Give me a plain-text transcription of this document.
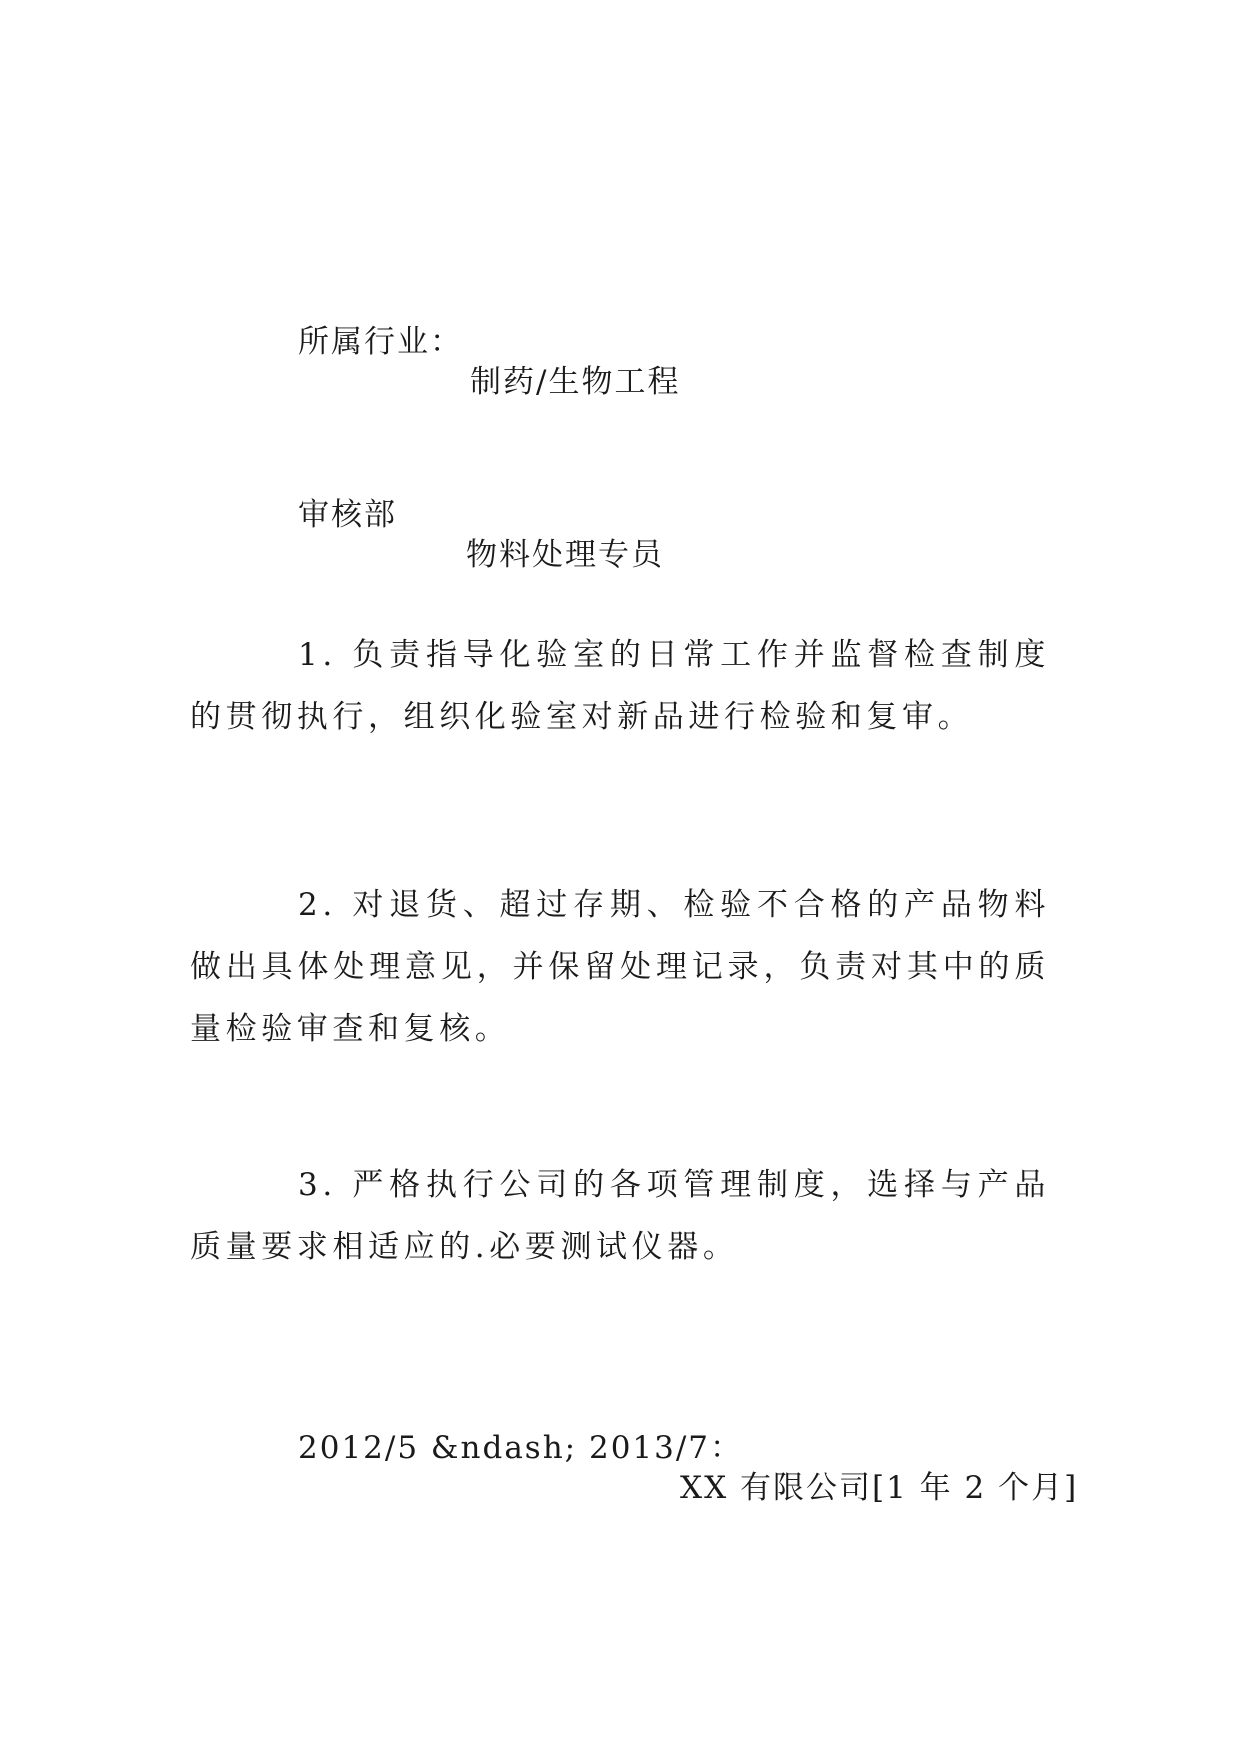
所属行业：

制药/生物工程

审核部

物料处理专员

1. 负责指导化验室的日常工作并监督检查制度的贯彻执行，组织化验室对新品进行检验和复审。
2. 对退货、超过存期、检验不合格的产品物料做出具体处理意见，并保留处理记录，负责对其中的质量检验审查和复核。
3. 严格执行公司的各项管理制度，选择与产品质量要求相适应的.必要测试仪器。

2012/5 &ndash; 2013/7：

XX 有限公司[1 年 2 个月]
